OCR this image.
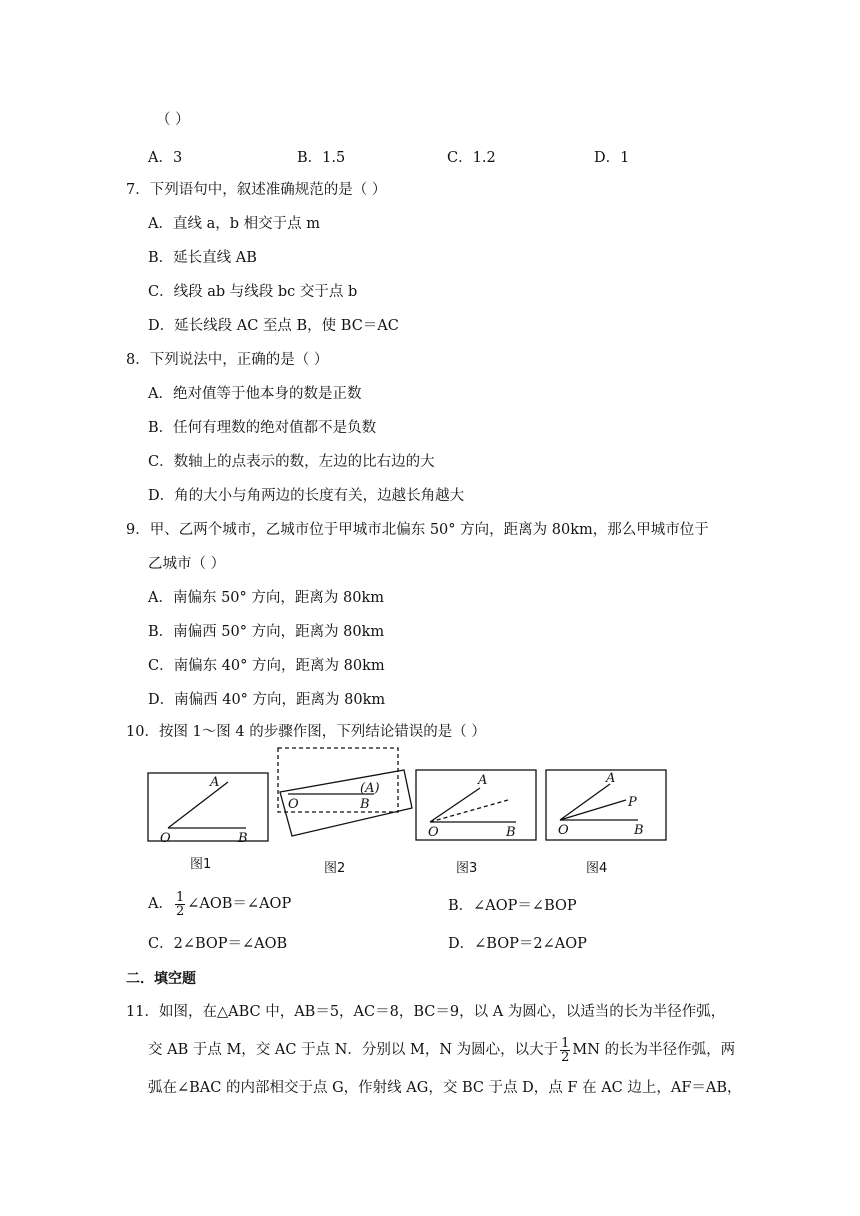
（ ）
A．3	B．1.5	C．1.2	D．1
7．下列语句中，叙述准确规范的是（ ）
A．直线 a，b 相交于点 m
B．延长直线 AB
C．线段 ab 与线段 bc 交于点 b
D．延长线段 AC 至点 B，使 BC＝AC
8．下列说法中，正确的是（ ）
A．绝对值等于他本身的数是正数
B．任何有理数的绝对值都不是负数
C．数轴上的点表示的数，左边的比右边的大
D．角的大小与角两边的长度有关，边越长角越大
9．甲、乙两个城市，乙城市位于甲城市北偏东 50° 方向，距离为 80km，那么甲城市位于
乙城市（ ）
A．南偏东 50° 方向，距离为 80km
B．南偏西 50° 方向，距离为 80km
C．南偏东 40° 方向，距离为 80km
D．南偏西 40° 方向，距离为 80km
10．按图 1～图 4 的步骤作图，下列结论错误的是（ ）
A
O	B
(A)
O	B
A
O	B
A
P
O	B
图1	图2	图3	图4
A． $\frac{1}{2}$ ∠AOB＝∠AOP	B．∠AOP＝∠BOP
C．2∠BOP＝∠AOB	D．∠BOP＝2∠AOP
二．填空题
11．如图，在△ABC 中，AB＝5，AC＝8，BC＝9，以 A 为圆心，以适当的长为半径作弧，
交 AB 于点 M，交 AC 于点 N．分别以 M，N 为圆心，以大于 $\frac{1}{2}$ MN 的长为半径作弧，两
弧在∠BAC 的内部相交于点 G，作射线 AG，交 BC 于点 D，点 F 在 AC 边上，AF＝AB，
